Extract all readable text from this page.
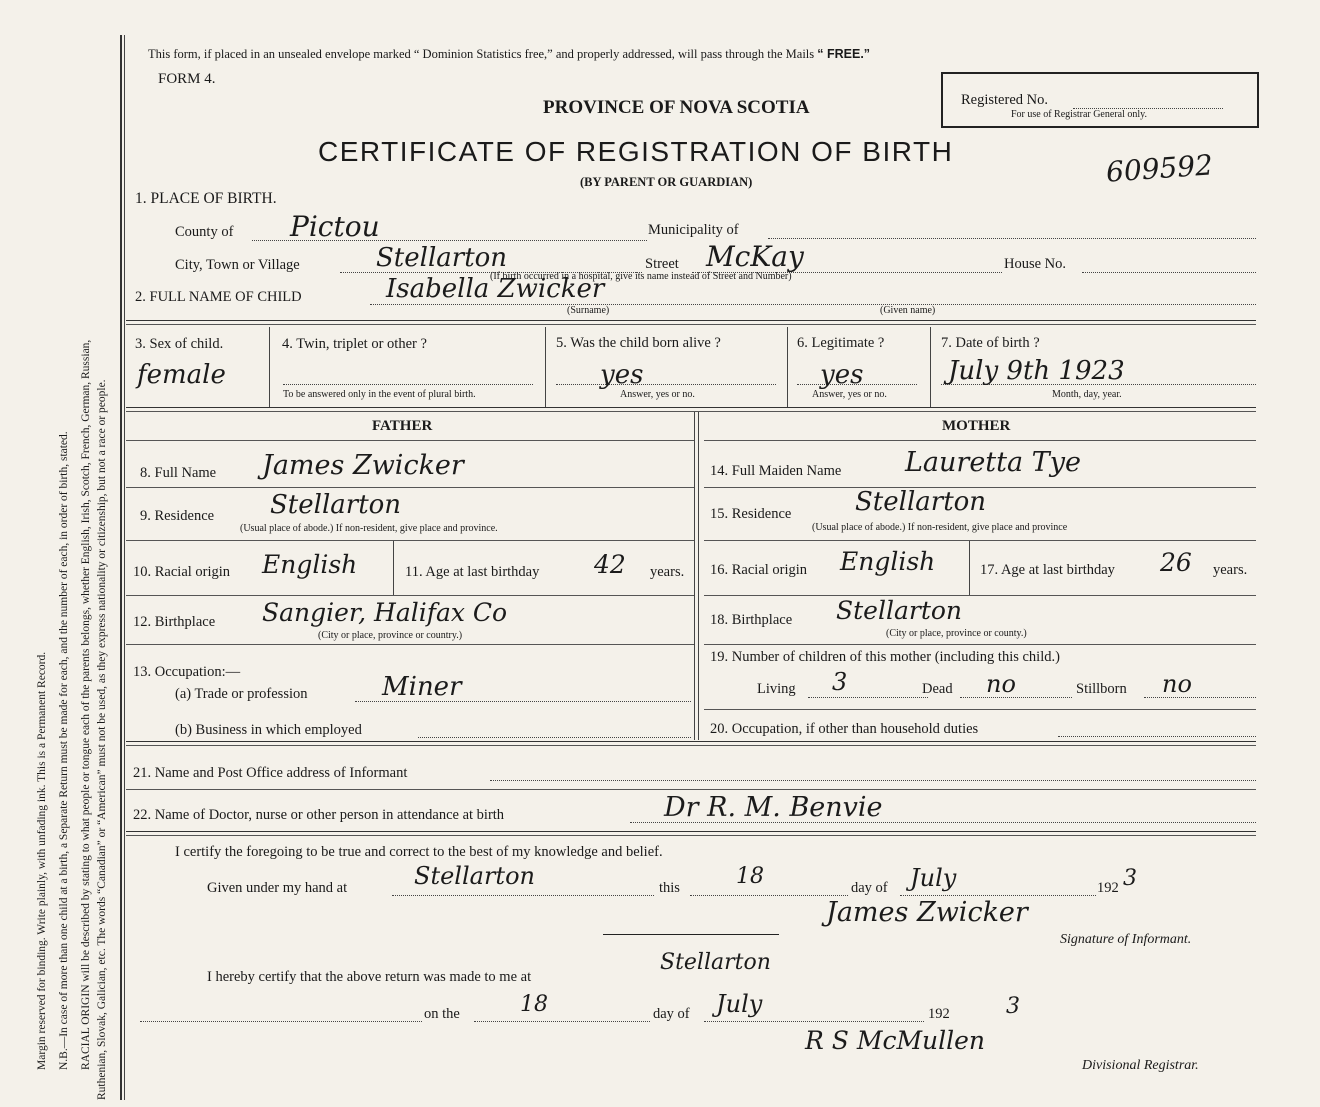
Margin reserved for binding. Write plainly, with unfading ink. This is a Permanent Record. N.B.—In case of more than one child at a birth, a Separate Return must be made for each, and the number of each, in order of birth, stated. RACIAL ORIGIN will be described by stating to what people or tongue each of the parents belongs, whether English, Irish, Scotch, French, German, Russian, Ruthenian, Slovak, Galician, etc. The words “Canadian” or “American” must not be used, as they express nationality or citizenship, but not a race or people.
This form, if placed in an unsealed envelope marked “ Dominion Statistics free,” and properly addressed, will pass through the Mails “ FREE.”
FORM 4.
PROVINCE OF NOVA SCOTIA	Registered No.
For use of Registrar General only.
CERTIFICATE OF REGISTRATION OF BIRTH
(BY PARENT OR GUARDIAN)	609592
1. PLACE OF BIRTH.
County of Pictou	Municipality of
City, Town or Village	Stellarton	Street McKay	House No.
(If birth occurred in a hospital, give its name instead of Street and Number)
2. FULL NAME OF CHILD	Isabella Zwicker
(Surname)	(Given name)
3. Sex of child.
female
4. Twin, triplet or other ?
To be answered only in the event of plural birth.
5. Was the child born alive ?
yes
Answer, yes or no.
6. Legitimate ?
yes
Answer, yes or no.
7. Date of birth ?
July 9th 1923
Month, day, year.
FATHER	MOTHER
8. Full Name James Zwicker
9. Residence Stellarton
(Usual place of abode.) If non-resident, give place and province.
10. Racial origin English	11. Age at last birthday 42 years.
12. Birthplace Sangier, Halifax Co
(City or place, province or country.)
13. Occupation:—
(a) Trade or profession	Miner
(b) Business in which employed
14. Full Maiden Name Lauretta Tye
15. Residence Stellarton
(Usual place of abode.) If non-resident, give place and province
16. Racial origin English	17. Age at last birthday 26 years.
18. Birthplace Stellarton
(City or place, province or county.)
19. Number of children of this mother (including this child.)
Living 3	Dead no	Stillborn no
20. Occupation, if other than household duties
21. Name and Post Office address of Informant
22. Name of Doctor, nurse or other person in attendance at birth	Dr R. M. Benvie
I certify the foregoing to be true and correct to the best of my knowledge and belief.
Given under my hand at	Stellarton	this	18	day of July	192 3
James Zwicker
Signature of Informant.
I hereby certify that the above return was made to me at
Stellarton
on the	18	day of July	192	3
R S McMullen
Divisional Registrar.
